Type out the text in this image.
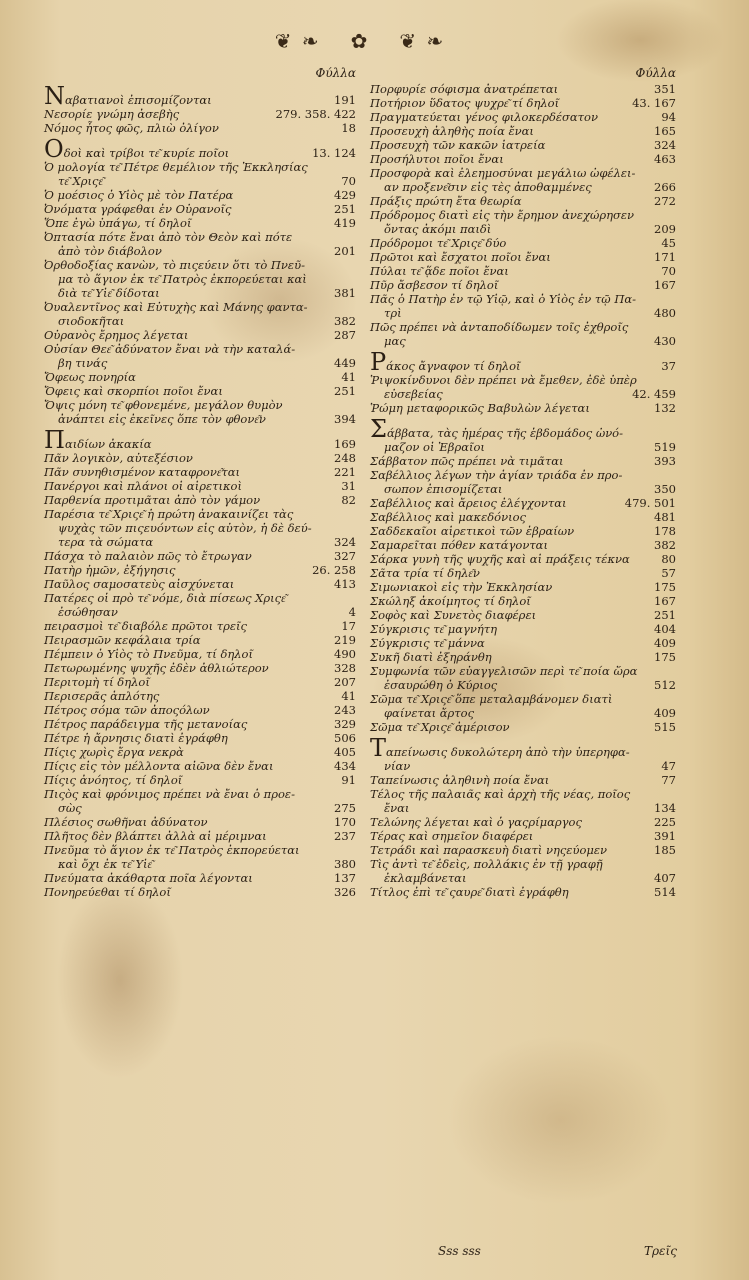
❦ ❧ ✿ ❦ ❧
Φύλλα
Ναβατιανοὶ ἐπισομίζονται	191
Νεσορίε γνώμη ἀσεβὴς	279. 358. 422
Νόμος ἦτος φῶς, πλιὼ ὀλίγον	18
Οδοὶ καὶ τρίβοι τε͂ κυρίε ποῖοι	13. 124
Ὁ μολογία τε͂ Πέτρε θεμέλιον τῆς Ἐκκλησίας
τε͂ Χριςε͂	70
Ὁ μοέσιος ὁ Υἱὸς μὲ τὸν Πατέρα	429
Ὀνόματα γράφεθαι ἐν Οὐρανοῖς	251
Ὅπε ἐγὼ ὑπάγω, τί δηλοῖ	419
Ὀπτασία πότε ἔναι ἀπὸ τὸν Θεὸν καὶ πότε
ἀπὸ τὸν διάβολον	201
Ὀρθοδοξίας κανὼν, τὸ πιςεύειν ὅτι τὸ Πνεῦ-
μα τὸ ἅγιον ἐκ τε͂ Πατρὸς ἐκπορεύεται καὶ
διὰ τε͂ Υἱε͂ δίδοται	381
Ὀυαλεντῖνος καὶ Εὐτυχὴς καὶ Μάνης φαντα-
σιοδοκῆται	382
Οὐρανὸς ἔρημος λέγεται	287
Οὐσίαν Θεε͂ ἀδύνατον ἔναι νὰ τὴν καταλά-
βη τινάς	449
Ὄφεως πονηρία	41
Ὄφεις καὶ σκορπίοι ποῖοι ἔναι	251
Ὄψις μόνη τε͂ φθονεμένε, μεγάλον θυμὸν
ἀνάπτει εἰς ἐκεῖνες ὅπε τὸν φθονε͂ν	394
Παιδίων ἀκακία	169
Πᾶν λογικὸν, αὐτεξέσιον	248
Πᾶν συνηθισμένον καταφρονε͂ται	221
Πανέργοι καὶ πλάνοι οἱ αἱρετικοὶ	31
Παρθενία προτιμᾶται ἀπὸ τὸν γάμον	82
Παρέσια τε͂ Χριςε͂ ἡ πρώτη ἀνακαινίζει τὰς
ψυχὰς τῶν πιςευόντων εἰς αὐτὸν, ἡ δὲ δεύ-
τερα τὰ σώματα	324
Πάσχα τὸ παλαιὸν πῶς τὸ ἔτρωγαν	327
Πατὴρ ἡμῶν, ἐξήγησις	26. 258
Παῦλος σαμοσατεὺς αἰσχύνεται	413
Πατέρες οἱ πρὸ τε͂ νόμε, διὰ πίσεως Χριςε͂
ἐσώθησαν	4
πειρασμοὶ τε͂ διαβόλε πρῶτοι τρεῖς	17
Πειρασμῶν κεφάλαια τρία	219
Πέμπειν ὁ Υἱὸς τὸ Πνεῦμα, τί δηλοῖ	490
Πετωρωμένης ψυχῆς ἐδὲν ἀθλιώτερον	328
Περιτομὴ τί δηλοῖ	207
Περισερᾶς ἁπλότης	41
Πέτρος σόμα τῶν ἀποςόλων	243
Πέτρος παράδειγμα τῆς μετανοίας	329
Πέτρε ἡ ἄρνησις διατὶ ἐγράφθη	506
Πίςις χωρὶς ἔργα νεκρὰ	405
Πίςις εἰς τὸν μέλλοντα αἰῶνα δὲν ἔναι	434
Πίςις ἀνόητος, τί δηλοῖ	91
Πιςὸς καὶ φρόνιμος πρέπει νὰ ἔναι ὁ προε-
σὼς	275
Πλέσιος σωθῆναι ἀδύνατον	170
Πλῆτος δὲν βλάπτει ἀλλὰ αἱ μέριμναι	237
Πνεῦμα τὸ ἅγιον ἐκ τε͂ Πατρὸς ἐκπορεύεται
καὶ ὄχι ἐκ τε͂ Υἱε͂	380
Πνεύματα ἀκάθαρτα ποῖα λέγονται	137
Πονηρεύεθαι τί δηλοῖ	326
Φύλλα
Πορφυρίε σόφισμα ἀνατρέπεται	351
Ποτήριον ὕδατος ψυχρε͂ τί δηλοῖ	43. 167
Πραγματεύεται γένος φιλοκερδέσατον	94
Προσευχὴ ἀληθὴς ποία ἔναι	165
Προσευχὴ τῶν κακῶν ἰατρεία	324
Προσήλυτοι ποῖοι ἔναι	463
Προσφορὰ καὶ ἐλεημοσύναι μεγάλιω ὠφέλει-
αν προξενε͂σιν εἰς τὲς ἀποθαμμένες	266
Πράξις πρώτη ἔτα θεωρία	272
Πρόδρομος διατὶ εἰς τὴν ἔρημον ἀνεχώρησεν
ὄντας ἀκόμι παιδὶ	209
Πρόδρομοι τε͂ Χριςε͂ δύο	45
Πρῶτοι καὶ ἔσχατοι ποῖοι ἔναι	171
Πύλαι τε͂ ᾅδε ποῖοι ἔναι	70
Πῦρ ἄσβεσον τί δηλοῖ	167
Πᾶς ὁ Πατὴρ ἐν τῷ Υἱῷ, καὶ ὁ Υἱὸς ἐν τῷ Πα-
τρὶ	480
Πῶς πρέπει νὰ ἀνταποδίδωμεν τοῖς ἐχθροῖς
μας	430
Ράκος ἄγναφον τί δηλοῖ	37
Ῥιψοκίνδυνοι δὲν πρέπει νὰ ἔμεθεν, ἐδὲ ὑπὲρ
εὐσεβείας	42. 459
Ῥώμη μεταφορικῶς Βαβυλὼν λέγεται	132
Σάββατα, τὰς ἡμέρας τῆς ἑβδομάδος ὠνό-
μαζον οἱ Ἑβραῖοι	519
Σάββατον πῶς πρέπει νὰ τιμᾶται	393
Σαβέλλιος λέγων τὴν ἁγίαν τριάδα ἐν προ-
σωπον ἐπισομίζεται	350
Σαβέλλιος καὶ ἄρειος ἐλέγχονται	479. 501
Σαβέλλιος καὶ μακεδόνιος	481
Σαδδεκαῖοι αἱρετικοὶ τῶν ἑβραίων	178
Σαμαρεῖται πόθεν κατάγονται	382
Σάρκα γυνὴ τῆς ψυχῆς καὶ αἱ πράξεις τέκνα	80
Σᾶτα τρία τί δηλε͂ν	57
Σιμωνιακοὶ εἰς τὴν Ἐκκλησίαν	175
Σκώληξ ἀκοίμητος τί δηλοῖ	167
Σοφὸς καὶ Συνετὸς διαφέρει	251
Σύγκρισις τε͂ μαγνήτη	404
Σύγκρισις τε͂ μάννα	409
Συκῆ διατὶ ἐξηράνθη	175
Συμφωνία τῶν εὐαγγελισῶν περὶ τε͂ ποία ὥρα
ἐσαυρώθη ὁ Κύριος	512
Σῶμα τε͂ Χριςε͂ ὅπε μεταλαμβάνομεν διατὶ
φαίνεται ἄρτος	409
Σῶμα τε͂ Χριςε͂ ἀμέρισον	515
Ταπείνωσις δυκολώτερη ἀπὸ τὴν ὑπερηφα-
νίαν	47
Ταπείνωσις ἀληθινὴ ποία ἔναι	77
Τέλος τῆς παλαιᾶς καὶ ἀρχὴ τῆς νέας, ποῖος
ἔναι	134
Τελώνης λέγεται καὶ ὁ γαςρίμαργος	225
Τέρας καὶ σημεῖον διαφέρει	391
Τετράδι καὶ παρασκευὴ διατὶ νηςεύομεν	185
Τὶς ἀντὶ τε͂ ἐδεὶς, πολλάκις ἐν τῇ γραφῇ
ἐκλαμβάνεται	407
Τίτλος ἐπὶ τε͂ ςαυρε͂ διατὶ ἐγράφθη	514
Sss sss	Τρεῖς
